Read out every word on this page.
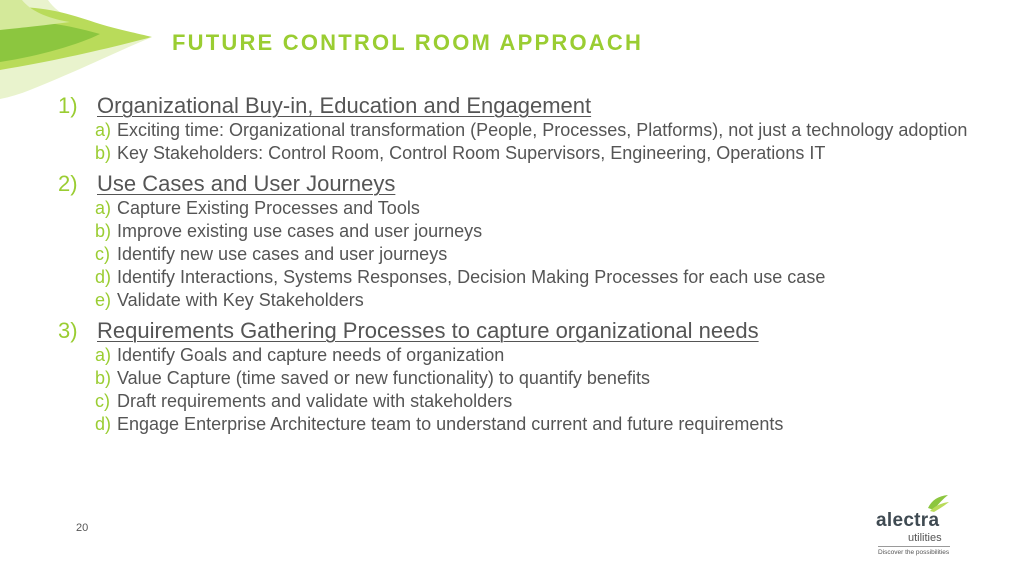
FUTURE CONTROL ROOM APPROACH
1) Organizational Buy-in, Education and Engagement
a) Exciting time: Organizational transformation (People, Processes, Platforms), not just a technology adoption
b) Key Stakeholders: Control Room, Control Room Supervisors, Engineering, Operations IT
2) Use Cases and User Journeys
a) Capture Existing Processes and Tools
b) Improve existing use cases and user journeys
c) Identify new use cases and user journeys
d) Identify Interactions, Systems Responses, Decision Making Processes for each use case
e) Validate with Key Stakeholders
3) Requirements Gathering Processes to capture organizational needs
a) Identify Goals and capture needs of organization
b) Value Capture (time saved or new functionality) to quantify benefits
c) Draft requirements and validate with stakeholders
d) Engage Enterprise Architecture team to understand current and future requirements
20	alectra
utilities
Discover the possibilities
